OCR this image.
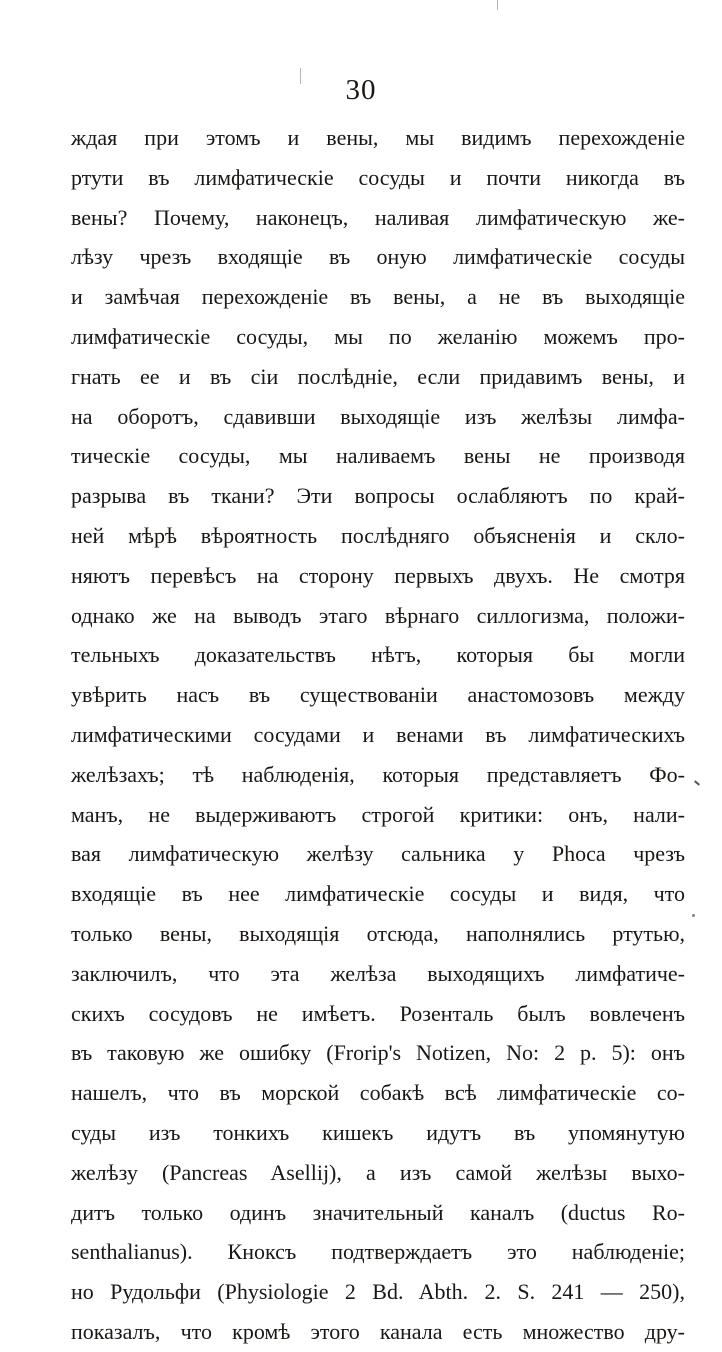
30
ждая при этомъ и вены, мы видимъ перехожденіе
ртути въ лимфатическіе сосуды и почти никогда въ
вены? Почему, наконецъ, наливая лимфатическую же-
лѣзу чрезъ входящіе въ оную лимфатическіе сосуды
и замѣчая перехожденіе въ вены, а не въ выходящіе
лимфатическіе сосуды, мы по желанію можемъ про-
гнать ее и въ сіи послѣдніе, если придавимъ вены, и
на оборотъ, сдавивши выходящіе изъ желѣзы лимфа-
тическіе сосуды, мы наливаемъ вены не производя
разрыва въ ткани? Эти вопросы ослабляютъ по край-
ней мѣрѣ вѣроятность послѣдняго объясненія и скло-
няютъ перевѣсъ на сторону первыхъ двухъ. Не смотря
однако же на выводъ этаго вѣрнаго силлогизма, положи-
тельныхъ доказательствъ нѣтъ, которыя бы могли
увѣрить насъ въ существованіи анастомозовъ между
лимфатическими сосудами и венами въ лимфатическихъ
желѣзахъ; тѣ наблюденія, которыя представляетъ Фо-
манъ, не выдерживаютъ строгой критики: онъ, нали-
вая лимфатическую желѣзу сальника у Phoca чрезъ
входящіе въ нее лимфатическіе сосуды и видя, что
только вены, выходящія отсюда, наполнялись ртутью,
заключилъ, что эта желѣза выходящихъ лимфатиче-
скихъ сосудовъ не имѣетъ. Розенталь былъ вовлеченъ
въ таковую же ошибку (Frorip's Notizen, No: 2 p. 5): онъ
нашелъ, что въ морской собакѣ всѣ лимфатическіе со-
суды изъ тонкихъ кишекъ идутъ въ упомянутую
желѣзу (Pancreas Asellij), а изъ самой желѣзы выхо-
дитъ только одинъ значительный каналъ (ductus Ro-
senthalianus). Кноксъ подтверждаетъ это наблюденіе;
но Рудольфи (Physiologie 2 Bd. Abth. 2. S. 241 — 250),
показалъ, что кромѣ этого канала есть множество дру-
